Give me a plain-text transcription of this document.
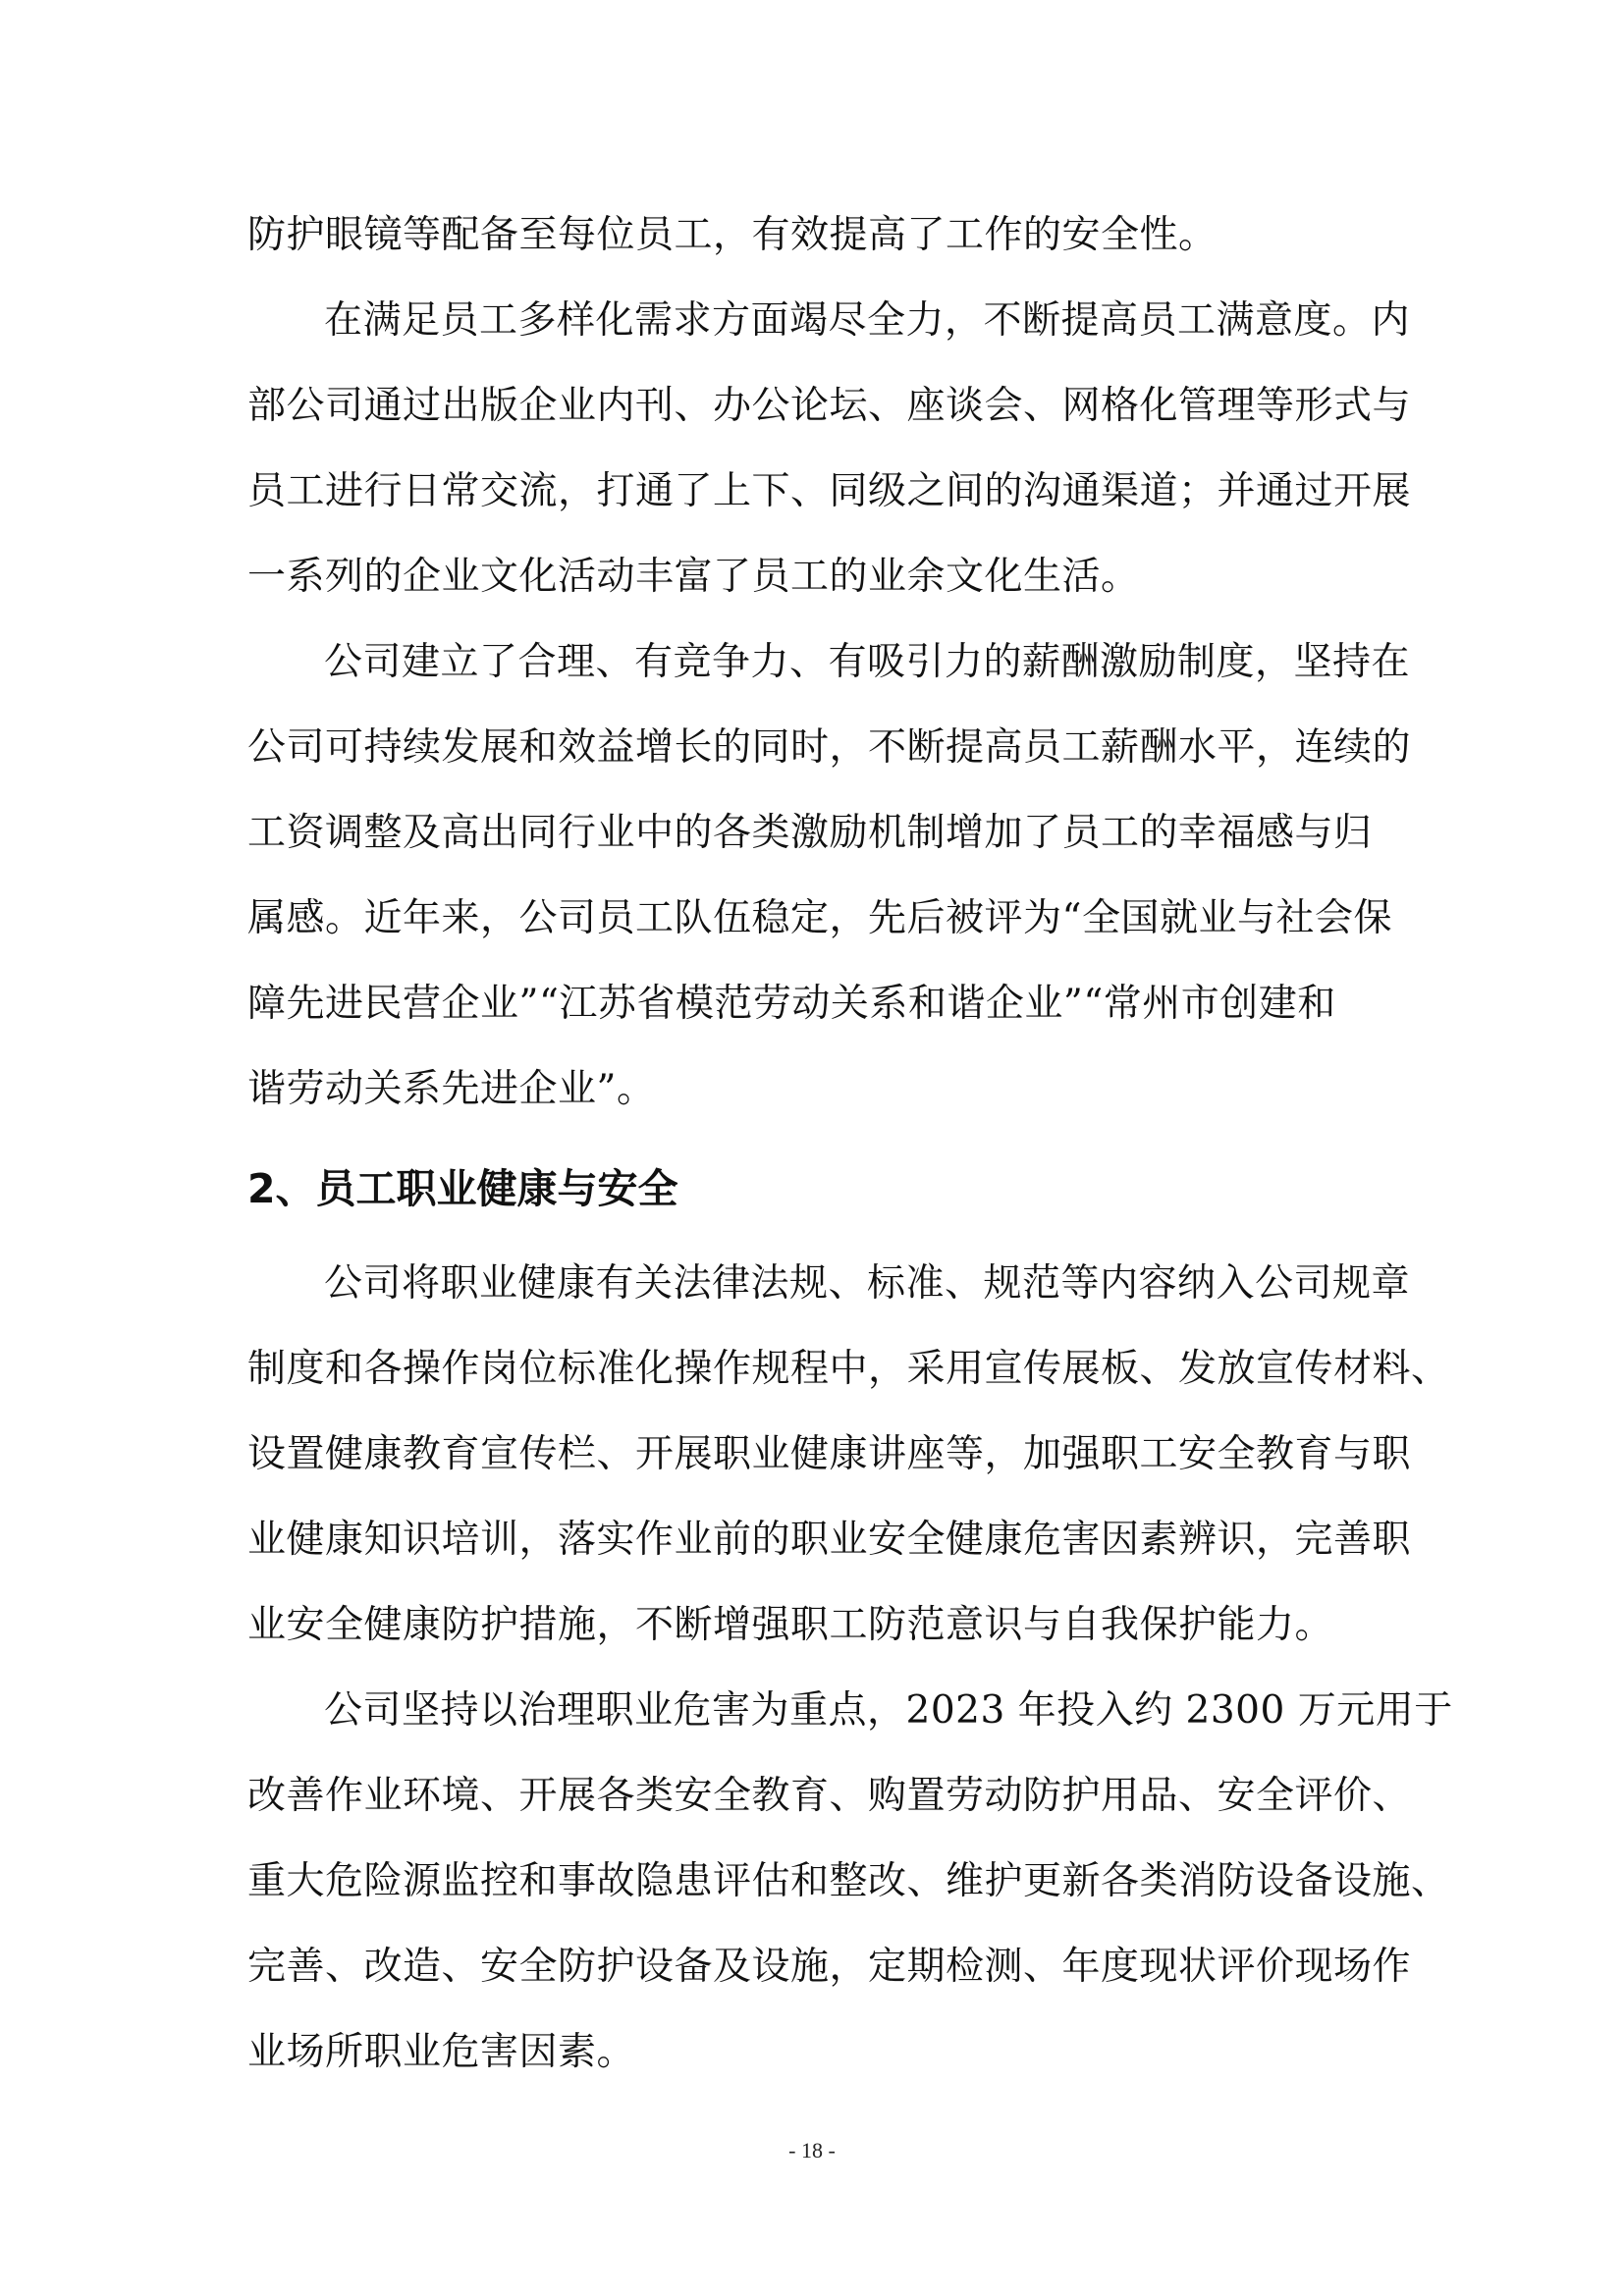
防护眼镜等配备至每位员工，有效提高了工作的安全性。
在满足员工多样化需求方面竭尽全力，不断提高员工满意度。内
部公司通过出版企业内刊、办公论坛、座谈会、网格化管理等形式与
员工进行日常交流，打通了上下、同级之间的沟通渠道；并通过开展
一系列的企业文化活动丰富了员工的业余文化生活。
公司建立了合理、有竞争力、有吸引力的薪酬激励制度，坚持在
公司可持续发展和效益增长的同时，不断提高员工薪酬水平，连续的
工资调整及高出同行业中的各类激励机制增加了员工的幸福感与归
属感。近年来，公司员工队伍稳定，先后被评为“全国就业与社会保
障先进民营企业”“江苏省模范劳动关系和谐企业”“常州市创建和
谐劳动关系先进企业”。
2、员工职业健康与安全
公司将职业健康有关法律法规、标准、规范等内容纳入公司规章
制度和各操作岗位标准化操作规程中，采用宣传展板、发放宣传材料、
设置健康教育宣传栏、开展职业健康讲座等，加强职工安全教育与职
业健康知识培训，落实作业前的职业安全健康危害因素辨识，完善职
业安全健康防护措施，不断增强职工防范意识与自我保护能力。
公司坚持以治理职业危害为重点，2023 年投入约 2300 万元用于
改善作业环境、开展各类安全教育、购置劳动防护用品、安全评价、
重大危险源监控和事故隐患评估和整改、维护更新各类消防设备设施、
完善、改造、安全防护设备及设施，定期检测、年度现状评价现场作
业场所职业危害因素。
- 18 -
